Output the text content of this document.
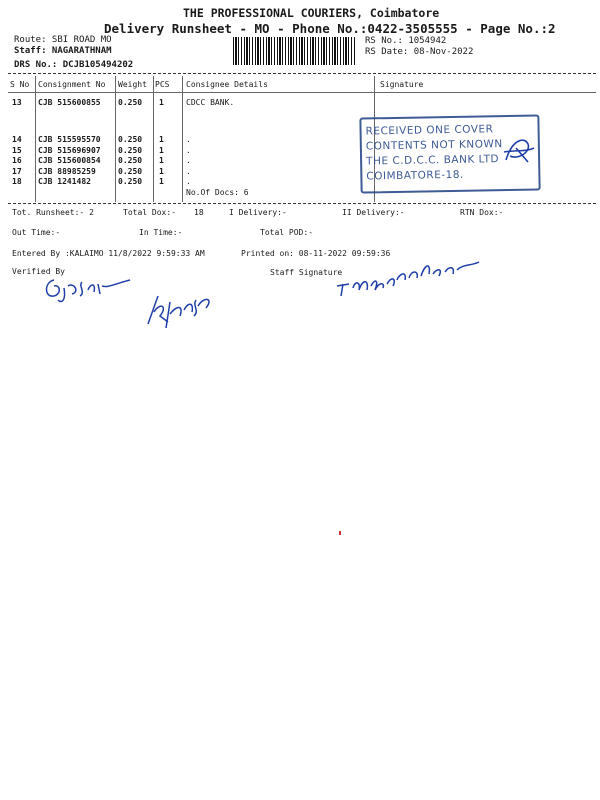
THE PROFESSIONAL COURIERS, Coimbatore
Delivery Runsheet - MO - Phone No.:0422-3505555 - Page No.:2
Route: SBI ROAD MO
Staff: NAGARATHNAM
DRS No.: DCJB105494202
RS No.: 1054942
RS Date: 08-Nov-2022
S No Consignment No Weight PCS Consignee Details	Signature
13 CJB 515600855 0.250 1	CDCC BANK.
14 CJB 515595570 0.250 1	.
15 CJB 515696907 0.250 1	.
16 CJB 515600854 0.250 1	.
17 CJB 88985259	0.250 1	.
18 CJB 1241482	0.250 1	.
No.Of Docs: 6
RECEIVED ONE COVER
CONTENTS NOT KNOWN
THE C.D.C.C. BANK LTD
COIMBATORE-18.
Tot. Runsheet:- 2	Total Dox:- 18	I Delivery:-	II Delivery:-	RTN Dox:-
Out Time:-	In Time:-	Total POD:-
Entered By :KALAIMO 11/8/2022 9:59:33 AM	Printed on: 08-11-2022 09:59:36
Verified By	Staff Signature
